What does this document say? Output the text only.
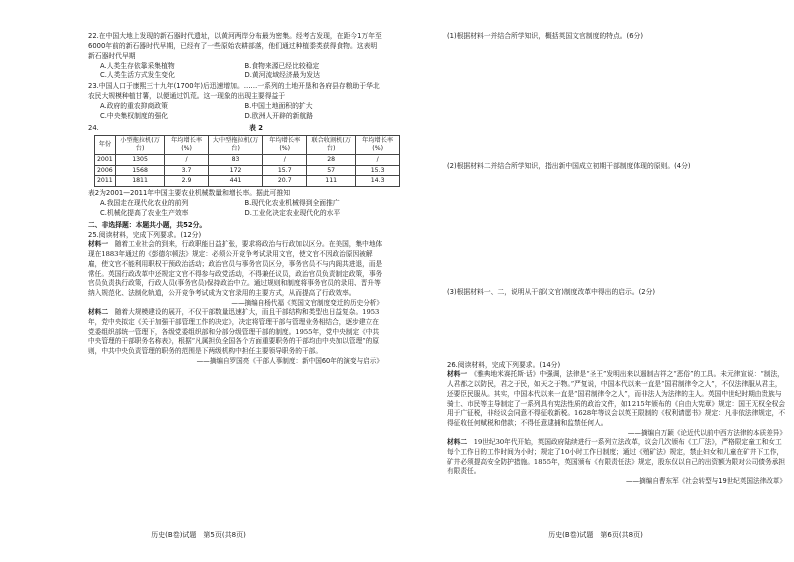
22.在中国大地上发现的新石器时代遗址，以黄河两岸分布最为密集。经考古发现，在距今1万年至6000年前的新石器时代早期，已经有了一些原始农耕部落，他们通过种植黍类获得食物。这表明新石器时代早期

A.人类生存依靠采集植物	B.食物来源已经比较稳定
C.人类生活方式发生变化	D.黄河流域经济最为发达

23.中国人口于康熙三十九年(1700年)后迅速增加。……一系列的土地开垦和各府县存粮助于华北农民大规模种植甘薯，以便通过饥荒。这一现象的出现主要得益于

A.政府的重农抑商政策	B.中国土地面积的扩大
C.中央集权制度的强化	D.欧洲人开辟的新航路
24.	表 2
年份	小型拖拉机(万台)	年均增长率(%)	大中型拖拉机(万台)	年均增长率(%)	联合收割机(万台)	年均增长率(%)
2001	1305	/	83	/	28	/
2006	1568	3.7	172	15.7	57	15.3
2011	1811	2.9	441	20.7	111	14.3

表2为2001—2011年中国主要农业机械数量和增长率。据此可推知

A.我国走在现代化农业的前列	B.现代化农业机械得到全面推广
C.机械化提高了农业生产效率	D.工业化决定农业现代化的水平

二、非选择题：本题共小题，共52分。

25.阅读材料，完成下列要求。(12分)

材料一　 随着工业社会的到来，行政职能日益扩张，要求将政治与行政加以区分。在美国，集中地体现在1883年通过的《彭德尔顿法》规定：必须公开竞争考试录用文官，使文官不因政治原因被解雇，使文官不能利用职权干预政治活动；政治官员与事务官员区分，事务官员不与内阁共进退，而是常任。英国行政改革中还规定文官不得参与政党活动，不得兼任议员，政治官员负责制定政策，事务官员负责执行政策，行政人员(事务官员)保持政治中立。通过规则和制度将事务官员的录用、晋升等纳入规范化、法制化轨道，公开竞争考试成为文官录用的主要方式，从而提高了行政效率。

——摘编自杨代福《英国文官制度变迁的历史分析》

材料二　 随着大规模建设的展开，不仅干部数量迅速扩大，而且干部结构和类型也日益复杂。1953年，党中央拟定《关于加强干部管理工作的决定》，决定将管理干部与管理业务相结合，逐步建立在党委组织部统一管理下，各级党委组织部和分部分级管理干部的制度。1955年，党中央制定《中共中央管理的干部职务名称表》，根据“凡属担负全国各个方面重要职务的干部均由中央加以管理”的原则，中共中央负责管理的职务的范围是下两级机构中担任主要领导职务的干部。

——摘编自罗国亮《干部人事制度：新中国60年的演变与启示》

历史(B卷)试题　第5页(共8页)

(1)根据材料一并结合所学知识，概括英国文官制度的特点。(6分)

(2)根据材料二并结合所学知识，指出新中国成立初期干部制度体现的原则。(4分)

(3)根据材料一、二，说明从干部(文官)制度改革中得出的启示。(2分)

26.阅读材料，完成下列要求。(14分)

材料一　 《雅典地米赛托斯·话》中强调，法律是“圣王”发明出来以遏制吉祥之“恶俗”的工具。未元律宣说：“制法，人君都之以防民，君之于民，如天之于物。”严复说，中国本代以来一直是“国君制律令之人”，不仅法律服从君主，还要臣民服从。其实，中国本代以来一直是“国君制律令之人”，而非法人为法律的主人。英国中世纪时期由贵族与骑士、市民等主导制定了一系列具有宪法性质的政治文件，如1215年颁布的《自由大宪章》规定：国王无权全权会用于广征税，非经议会同意不得征收新税。1628年等议会以英王限制的《权利请愿书》规定：凡非依法律规定，不得征收任何赋税和借款；不得任意逮捕和监禁任何人。

——摘编自万颖《论近代以前中西方法律的本质差异》

材料二　 19世纪30年代开始，英国政府陆续进行一系列立法改革，议会几次颁布《工厂法》，严格限定童工和女工每个工作日的工作时间为小时；规定了10小时工作日制度；通过《殖矿法》规定，禁止妇女和儿童在矿井下工作，矿井必须提高安全防护措施。1855年，英国颁布《有限责任法》规定，股东仅以自己的出资额为限对公司债务承担有限责任。

——摘编自曹东军《社会转型与19世纪英国法律改革》

历史(B卷)试题　第6页(共8页)
